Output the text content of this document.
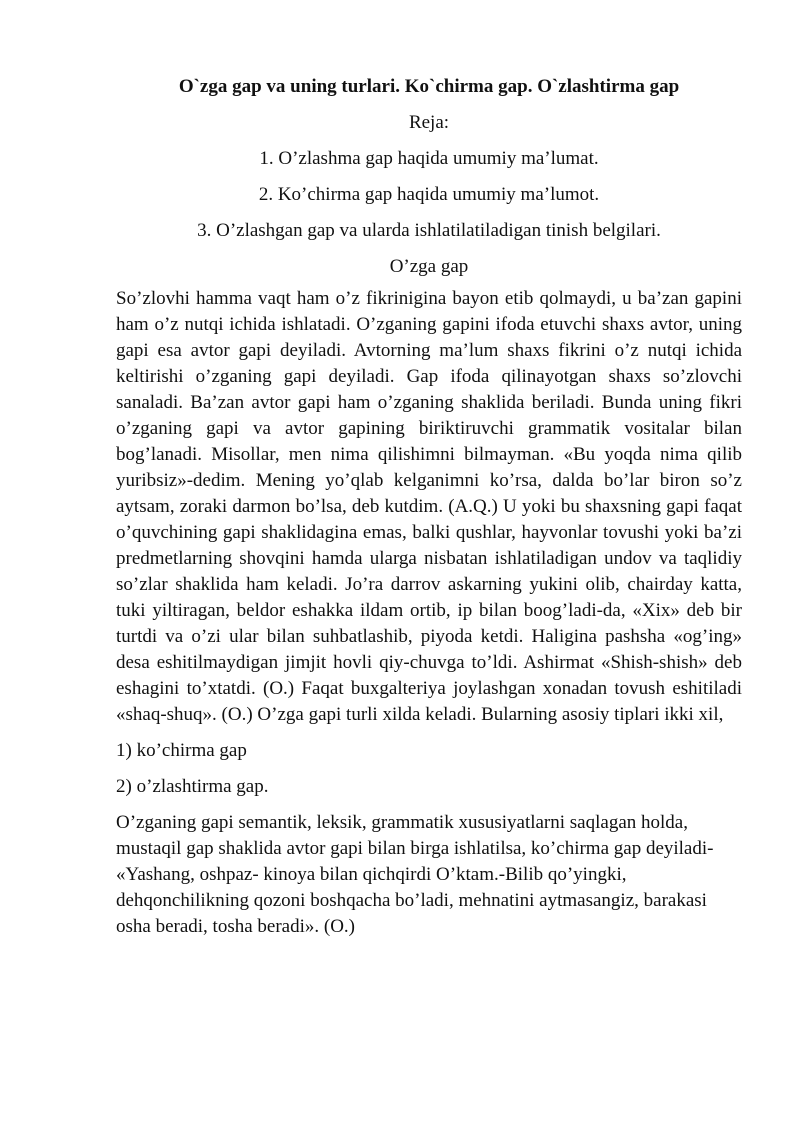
O`zga gap va uning turlari. Ko`chirma gap. O`zlashtirma gap

Reja:

1. O’zlashma gap haqida umumiy ma’lumat.

2. Ko’chirma gap haqida umumiy ma’lumot.

3. O’zlashgan gap va ularda ishlatilatiladigan tinish belgilari.

O’zga gap

So’zlovhi hamma vaqt ham o’z fikrinigina bayon etib qolmaydi, u ba’zan gapini ham o’z nutqi ichida ishlatadi. O’zganing gapini ifoda etuvchi shaxs avtor, uning gapi esa avtor gapi deyiladi. Avtorning ma’lum shaxs fikrini o’z nutqi ichida keltirishi o’zganing gapi deyiladi. Gap ifoda qilinayotgan shaxs so’zlovchi sanaladi. Ba’zan avtor gapi ham o’zganing shaklida beriladi. Bunda uning fikri o’zganing gapi va avtor gapining biriktiruvchi grammatik vositalar bilan bog’lanadi. Misollar, men nima qilishimni bilmayman. «Bu yoqda nima qilib yuribsiz»-dedim. Mening yo’qlab kelganimni ko’rsa, dalda bo’lar biron so’z aytsam, zoraki darmon bo’lsa, deb kutdim. (A.Q.) U yoki bu shaxsning gapi faqat o’quvchining gapi shaklidagina emas, balki qushlar, hayvonlar tovushi yoki ba’zi predmetlarning shovqini hamda ularga nisbatan ishlatiladigan undov va taqlidiy so’zlar shaklida ham keladi. Jo’ra darrov askarning yukini olib, chairday katta, tuki yiltiragan, beldor eshakka ildam ortib, ip bilan boog’ladi-da, «Xix» deb bir turtdi va o’zi ular bilan suhbatlashib, piyoda ketdi. Haligina pashsha «og’ing» desa eshitilmaydigan jimjit hovli qiy-chuvga to’ldi. Ashirmat «Shish-shish» deb eshagini to’xtatdi. (O.) Faqat buxgalteriya joylashgan xonadan tovush eshitiladi «shaq-shuq». (O.) O’zga gapi turli xilda keladi. Bularning asosiy tiplari ikki xil,

1) ko’chirma gap

2) o’zlashtirma gap.

O’zganing gapi semantik, leksik, grammatik xususiyatlarni saqlagan holda, mustaqil gap shaklida avtor gapi bilan birga ishlatilsa, ko’chirma gap deyiladi- «Yashang, oshpaz- kinoya bilan qichqirdi O’ktam.-Bilib qo’yingki, dehqonchilikning qozoni boshqacha bo’ladi, mehnatini aytmasangiz, barakasi osha beradi, tosha beradi». (O.)
